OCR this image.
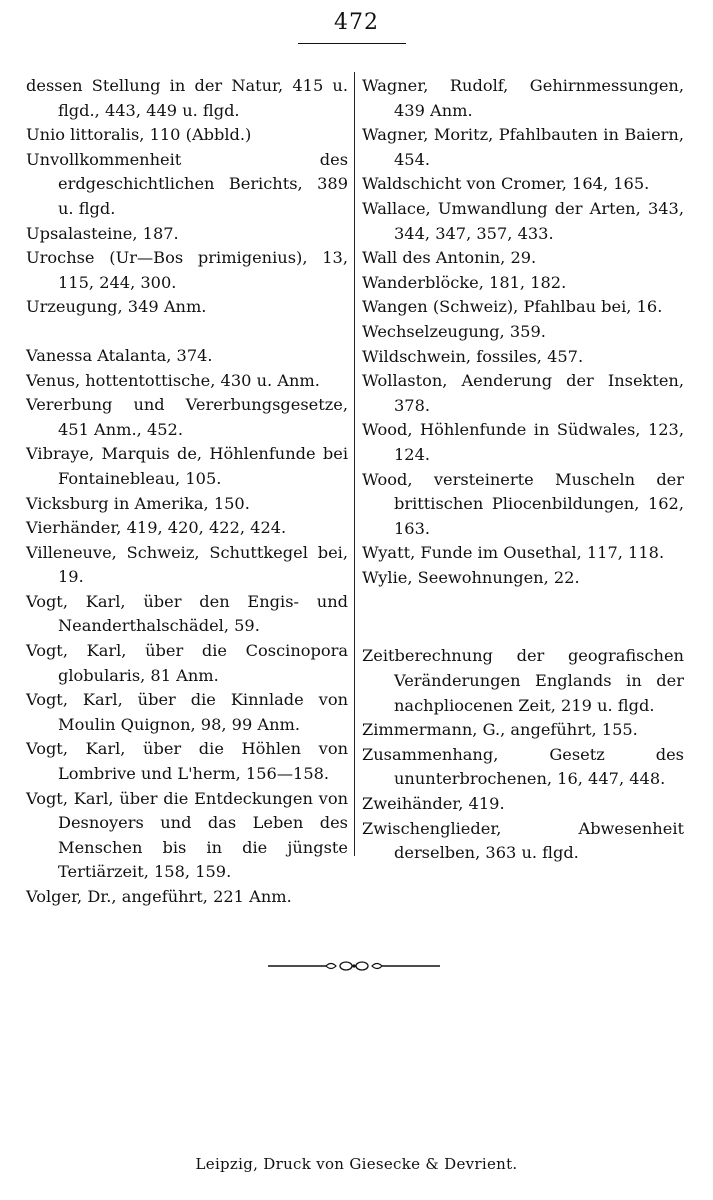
472

dessen Stellung in der Natur, 415 u. flgd., 443, 449 u. flgd.

Unio littoralis, 110 (Abbld.)

Unvollkommenheit des erdgeschichtlichen Berichts, 389 u. flgd.

Upsalasteine, 187.

Urochse (Ur—Bos primigenius), 13, 115, 244, 300.

Urzeugung, 349 Anm.

Vanessa Atalanta, 374.

Venus, hottentottische, 430 u. Anm.

Vererbung und Vererbungsgesetze, 451 Anm., 452.

Vibraye, Marquis de, Höhlenfunde bei Fontainebleau, 105.

Vicksburg in Amerika, 150.

Vierhänder, 419, 420, 422, 424.

Villeneuve, Schweiz, Schuttkegel bei, 19.

Vogt, Karl, über den Engis- und Neanderthalschädel, 59.

Vogt, Karl, über die Coscinopora globularis, 81 Anm.

Vogt, Karl, über die Kinnlade von Moulin Quignon, 98, 99 Anm.

Vogt, Karl, über die Höhlen von Lombrive und L'herm, 156—158.

Vogt, Karl, über die Entdeckungen von Desnoyers und das Leben des Menschen bis in die jüngste Tertiärzeit, 158, 159.

Volger, Dr., angeführt, 221 Anm.

Wagner, Rudolf, Gehirnmessungen, 439 Anm.

Wagner, Moritz, Pfahlbauten in Baiern, 454.

Waldschicht von Cromer, 164, 165.

Wallace, Umwandlung der Arten, 343, 344, 347, 357, 433.

Wall des Antonin, 29.

Wanderblöcke, 181, 182.

Wangen (Schweiz), Pfahlbau bei, 16.

Wechselzeugung, 359.

Wildschwein, fossiles, 457.

Wollaston, Aenderung der Insekten, 378.

Wood, Höhlenfunde in Südwales, 123, 124.

Wood, versteinerte Muscheln der brittischen Pliocenbildungen, 162, 163.

Wyatt, Funde im Ousethal, 117, 118.

Wylie, Seewohnungen, 22.

Zeitberechnung der geografischen Veränderungen Englands in der nachpliocenen Zeit, 219 u. flgd.

Zimmermann, G., angeführt, 155.

Zusammenhang, Gesetz des ununterbrochenen, 16, 447, 448.

Zweihänder, 419.

Zwischenglieder, Abwesenheit derselben, 363 u. flgd.

Leipzig, Druck von Giesecke & Devrient.
